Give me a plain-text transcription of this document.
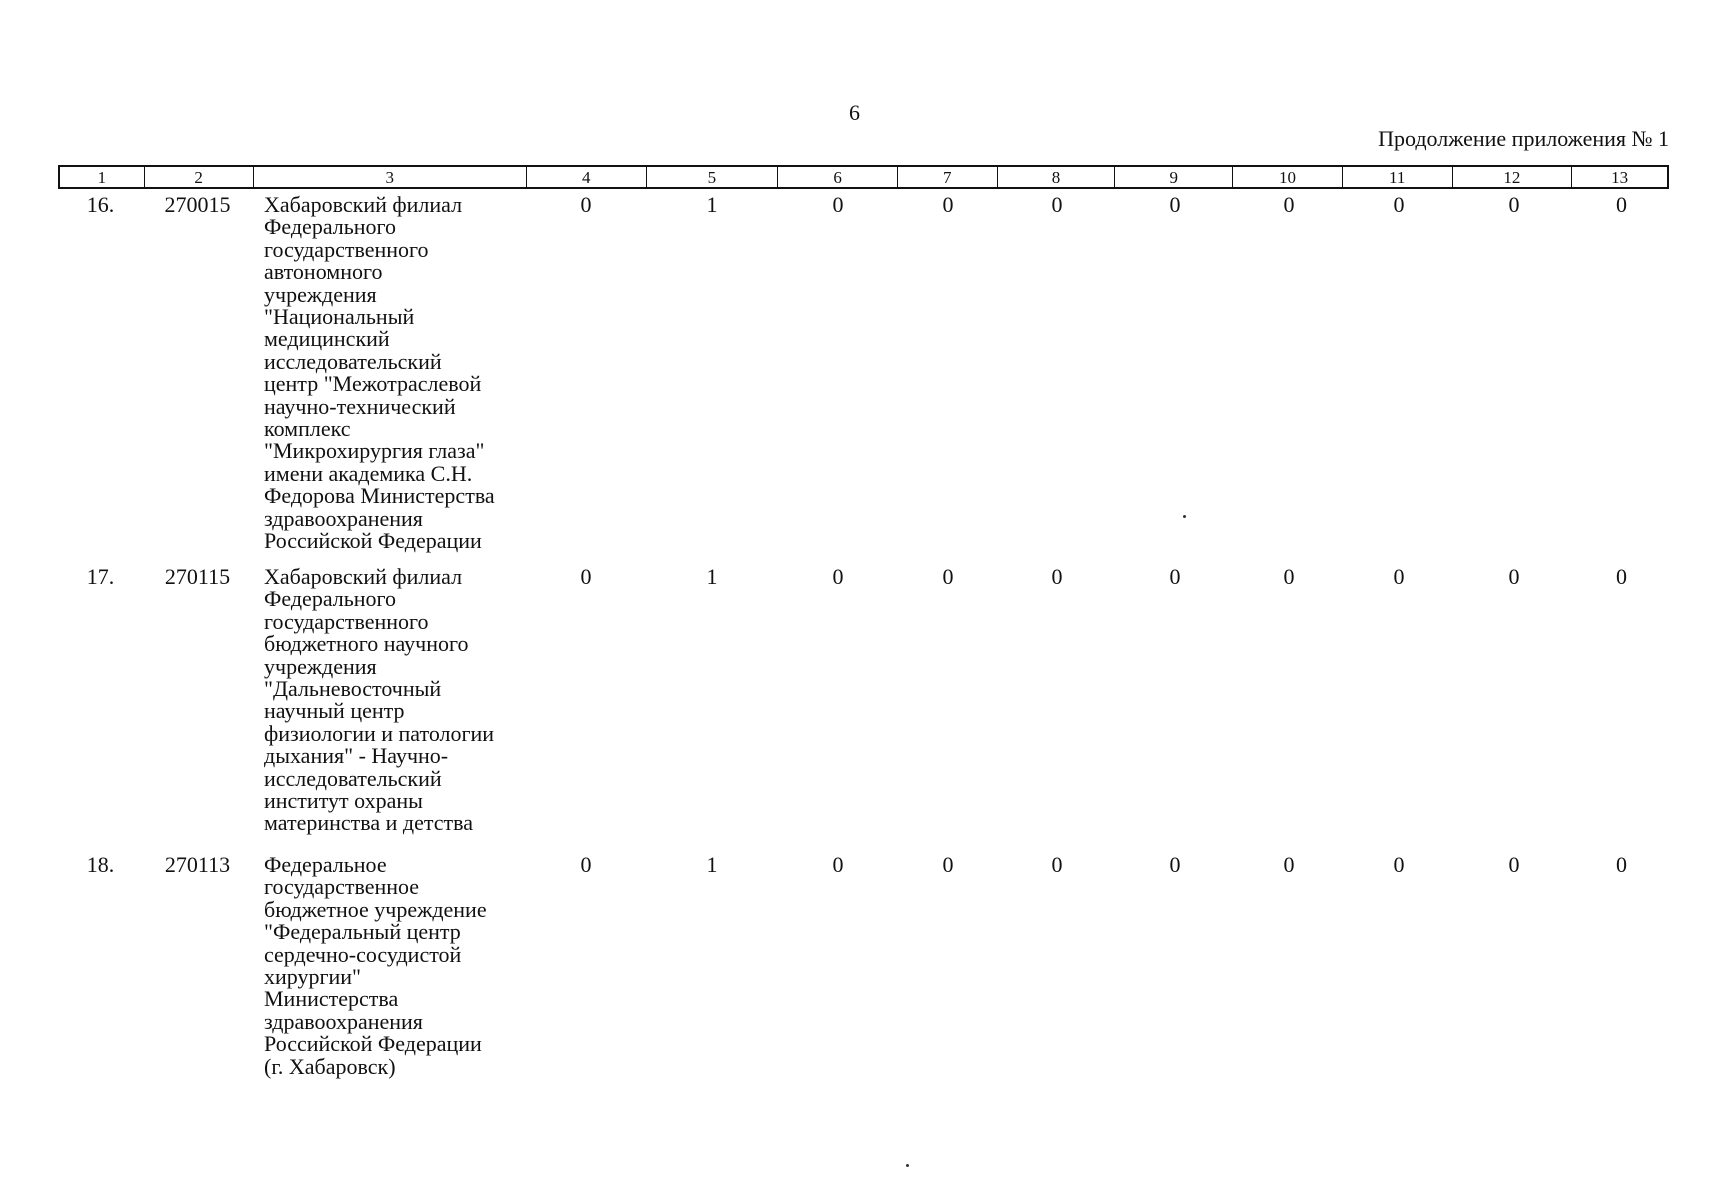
6
Продолжение приложения № 1
1	2	3	4	5	6	7	8	9	10	11	12	13
16.	270015	Хабаровский филиал
Федерального
государственного
автономного
учреждения
"Национальный
медицинский
исследовательский
центр "Межотраслевой
научно-технический
комплекс
"Микрохирургия глаза"
имени академика С.Н.
Федорова Министерства
здравоохранения
Российской Федерации
0	1	0	0	0	0	0	0	0	0
17.	270115	Хабаровский филиал
Федерального
государственного
бюджетного научного
учреждения
"Дальневосточный
научный центр
физиологии и патологии
дыхания" - Научно-
исследовательский
институт охраны
материнства и детства
0	1	0	0	0	0	0	0	0	0
18.	270113	Федеральное
государственное
бюджетное учреждение
"Федеральный центр
сердечно-сосудистой
хирургии"
Министерства
здравоохранения
Российской Федерации
(г. Хабаровск)
0	1	0	0	0	0	0	0	0	0
